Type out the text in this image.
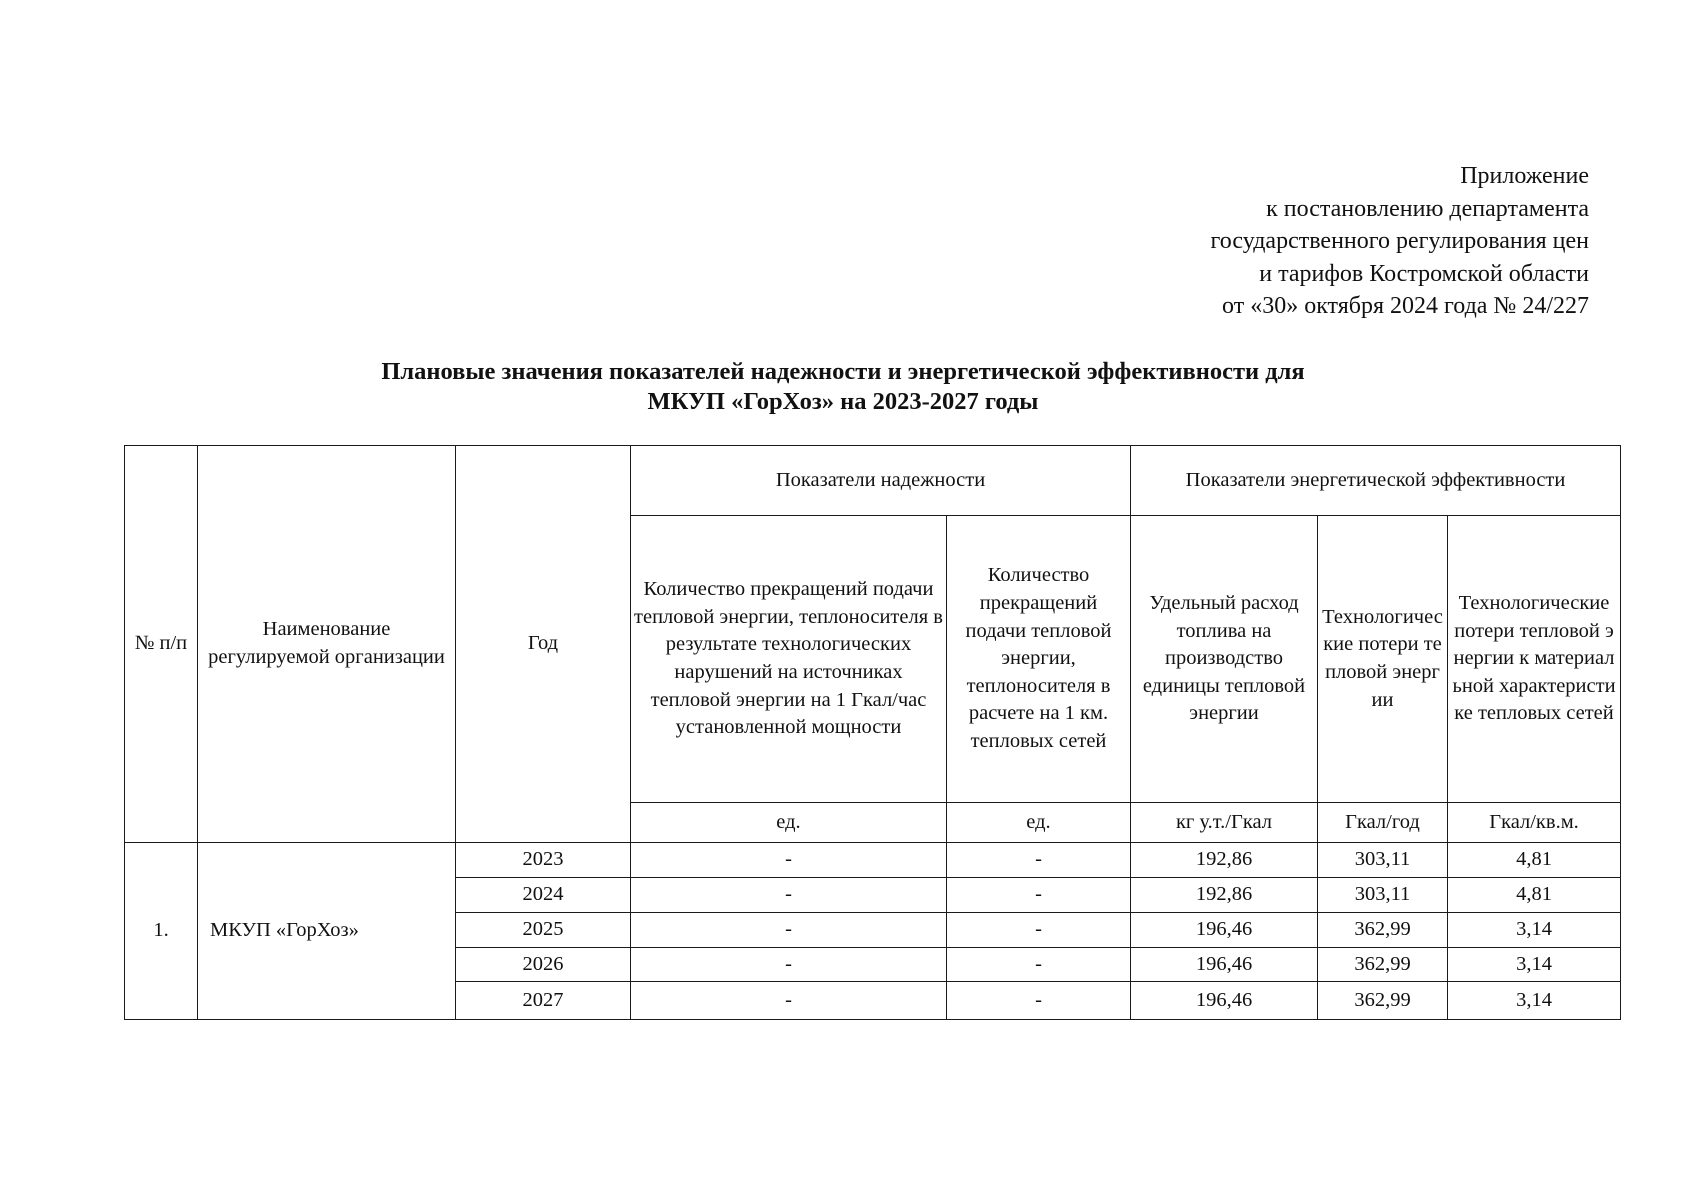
Приложение
к постановлению департамента
государственного регулирования цен
и тарифов Костромской области
от «30» октября 2024 года № 24/227
Плановые значения показателей надежности и энергетической эффективности для
МКУП «ГорХоз» на 2023-2027 годы
№ п/п	Наименование регулируемой организации	Год	Показатели надежности		Показатели энергетической эффективности		
			Количество прекращений подачи тепловой энергии, теплоносителя в результате технологических нарушений на источниках тепловой энергии на 1 Гкал/час установленной мощности	Количество прекращений подачи тепловой энергии, теплоносителя в расчете на 1 км. тепловых сетей	Удельный расход топлива на производство единицы тепловой энергии	Технологические потери тепловой энергии	Технологические потери тепловой энергии к материальной характеристике тепловых сетей
			ед.	ед.	кг у.т./Гкал	Гкал/год	Гкал/кв.м.
1.	МКУП «ГорХоз»	2023	-	-	192,86	303,11	4,81
		2024	-	-	192,86	303,11	4,81
		2025	-	-	196,46	362,99	3,14
		2026	-	-	196,46	362,99	3,14
		2027	-	-	196,46	362,99	3,14
